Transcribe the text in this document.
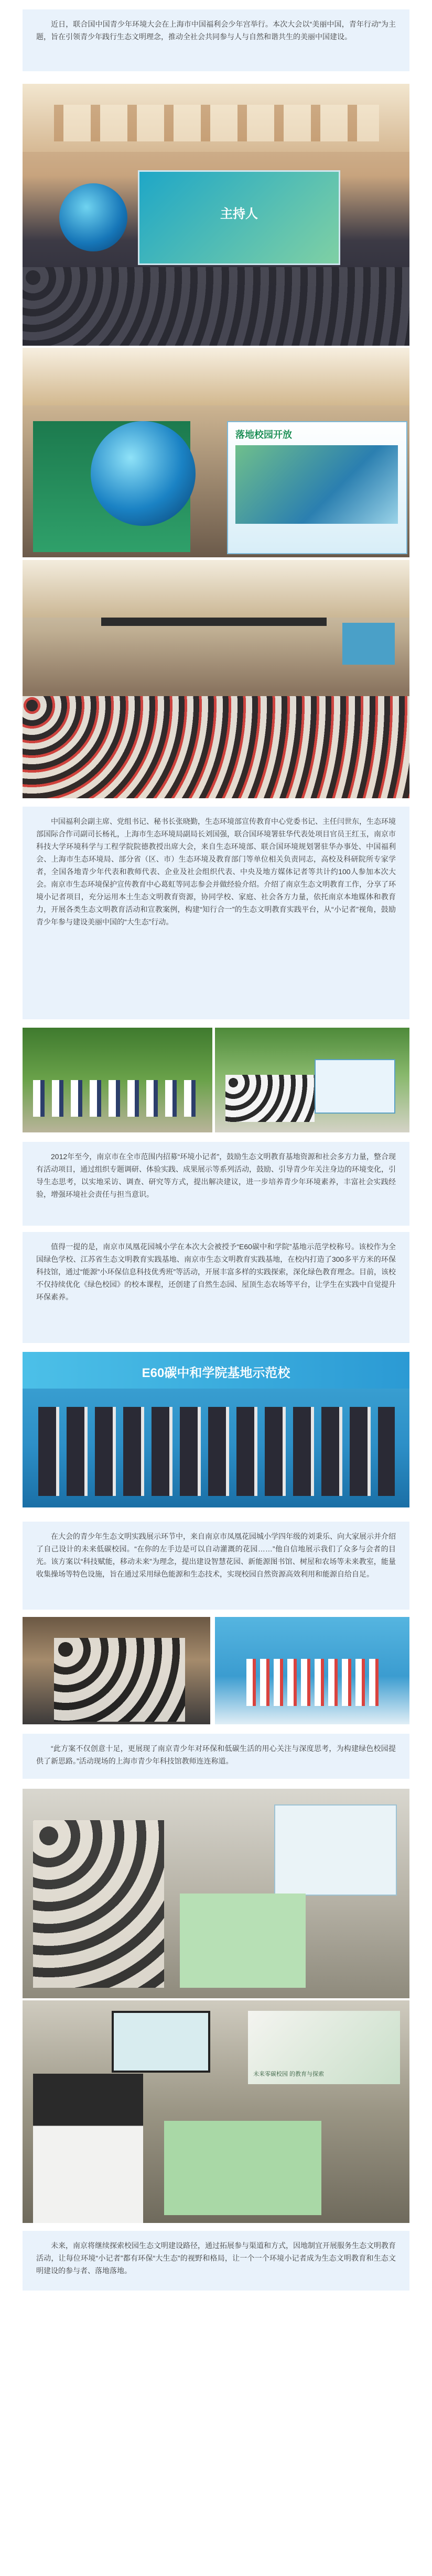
近日，联合国中国青少年环境大会在上海市中国福利会少年宫举行。本次大会以“美丽中国，青年行动”为主题，旨在引领青少年践行生态文明理念，推动全社会共同参与人与自然和谐共生的美丽中国建设。

主持人
落地校园开放

中国福利会副主席、党组书记、秘书长张晓勤，生态环境部宣传教育中心党委书记、主任闫世东，生态环境部国际合作司副司长杨礼，上海市生态环境局副局长刘国强，联合国环境署驻华代表处项目官员王红玉，南京市科技大学环境科学与工程学院院德教授出席大会，来自生态环境部、联合国环境规划署驻华办事处、中国福利会、上海市生态环境局、部分省（区、市）生态环境及教育部门等单位相关负责同志，高校及科研院所专家学者，全国各地青少年代表和教师代表、企业及社会组织代表、中央及地方媒体记者等共计约100人参加本次大会。南京市生态环境保护宣传教育中心葛虹等同志参会并做经验介绍。介绍了南京生态文明教育工作，分享了环境小记者项目，充分运用本土生态文明教育资源，协同学校、家庭、社会各方力量，依托南京本地媒体和教育力，开展各类生态文明教育活动和宣教案例，构建“知行合一”的生态文明教育实践平台，从“小记者”视角，鼓励青少年参与建设美丽中国的“大生态”行动。

2012年至今，南京市在全市范围内招募“环境小记者”，鼓励生态文明教育基地资源和社会多方力量，整合现有活动项目，通过组织专题调研、体验实践、成果展示等系列活动，鼓励、引导青少年关注身边的环境变化，引导生态思考，以实地采访、调查、研究等方式，提出解决建议，进一步培养青少年环境素养，丰富社会实践经验，增强环境社会责任与担当意识。

值得一提的是，南京市凤凰花园城小学在本次大会被授予“E60碳中和学院”基地示范学校称号。该校作为全国绿色学校、江苏省生态文明教育实践基地、南京市生态文明教育实践基地，在校内打造了300多平方米的环保科技馆，通过“能源”小环保信息科技优秀班”等活动，开展丰富多样的实践探索，深化绿色教育理念。目前，该校不仅持续优化《绿色校园》的校本课程，还创建了自然生态园、屋顶生态农场等平台，让学生在实践中自觉提升环保素养。

E60碳中和学院基地示范校

在大会的青少年生态文明实践展示环节中，来自南京市凤凰花园城小学四年级的刘秉乐、向大家展示并介绍了自己设计的未来低碳校园。“在你的左手边是可以自动灌溉的花园……”他自信地展示我们了众多与会者的目光。该方案以“科技赋能，移动未来”为理念，提出建设智慧花园、新能源图书馆、树屋和农场等未来教室，能量收集操场等特色设施，旨在通过采用绿色能源和生态技术，实现校园自然资源高效利用和能源自给自足。

“此方案不仅创意十足，更展现了南京青少年对环保和低碳生活的用心关注与深度思考，为构建绿色校园提供了新思路。”活动现场的上海市青少年科技馆教师连连称道。

未来零碳校园 的教育与探索

未来，南京将继续探索校园生态文明建设路径，通过拓展参与渠道和方式，因地制宜开展服务生态文明教育活动，让每位环境“小记者”都有环保“大生态”的视野和格局，让一个一个环境小记者成为生态文明教育和生态文明建设的参与者、落地落地。
